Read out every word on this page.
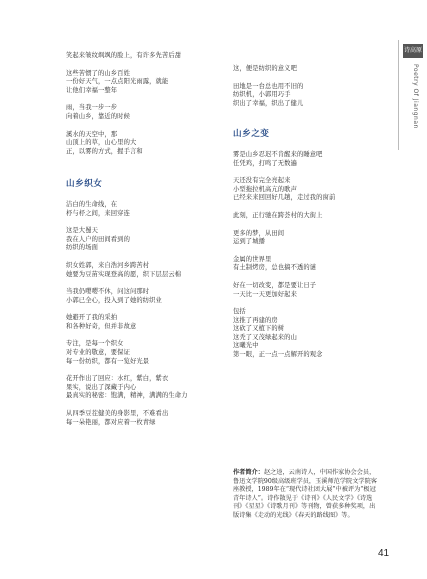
诗高原
Poetry Of Jiangnan

笑起来皱纹飒飒的脸上，有许多先苦后甜

这些苦惯了的山乡百姓

一份好天气，一点点阳光雨露，就能

让他们幸福一整年

雨，当我一步一步

向着山乡，靠近的时候

溪水的天空中，那

山顶上的草，山心里的大

正，以雾的方式，握手言和

山乡织女

洁白的生命线，在

杼与杼之间，来回穿连

这是大蜀天

我在人户的田间看到的

纺织的场面

织女姓郭，来自浩河乡跨苦村

她要为豆苗实现登高的愿，织下层层云棉

当我仍嘤嘤不休，问这问那时

小郭已全心，投入到了她的纺织业

她避开了我的采拍

和各种好奇，但并非故意

专注，是每一个织女

对专业的敬意，要保证

每一份纺织，都有一览好光景

花开作出了回应：水红，紫白，紫衣

果实，说出了深藏于内心

最真实的秘密：饱满，精神，满满的生命力

从四季豆茬健美的身影里，不难看出

每一朵艳丽，都对应着一枚青绿

这，便是纺织的意义吧

田地是一台总也用不旧的

纺织机，小郭用巧手

织出了幸福，织出了健儿

山乡之变

雾是山乡忍迟不肯醒来的睡意吧

任凭鸡，打鸣了无数遍

天还没有完全亮起来

小型拖拉机高亢的歌声

已经来来回回好几趟，走过我的窗前

此刻，正行驰在跨荟村的大街上

更多的梦，从田间

运到了城播

金属的世界里

有土制烤房，总也搞不透的谜

好在一切改变，都是要让日子

一天比一天更加好起来

包括

这推了再建的房

这砍了又植下的树

这秃了又茂绿起来的山

这曦光中

第一眼，正一点一点解开的观念

作者简介：赵之逵，云南诗人，中国作家协会会员，鲁迅文学院90级高级班学员，玉溪师范学院文学院客座教授，1989年在“现代诗社团大展”中被评为“极冠青年诗人”。诗作散见于《诗刊》《人民文学》《诗选刊》《星星》《诗歌月刊》等刊物，曾获多种奖项，出版诗集《走动的光线》《春天的路线图》等。
41
